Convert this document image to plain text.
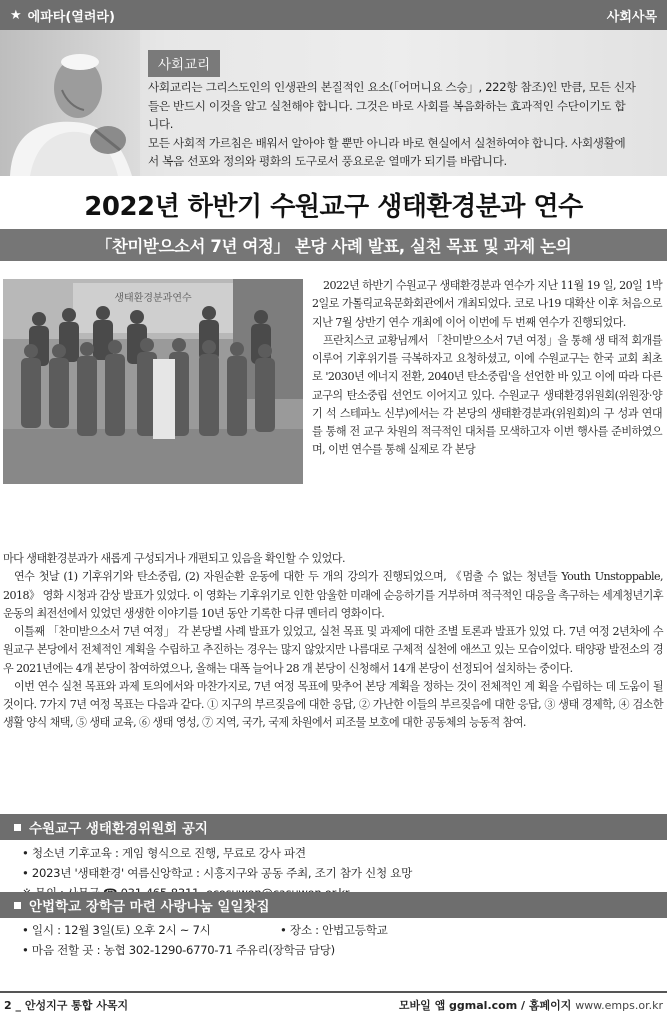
★ 에파타(열려라)	사회사목
사회교리
사회교리는 그리스도인의 인생관의 본질적인 요소(「어머니요 스승」, 222항 참조)인 만큼, 모든 신자
들은 반드시 이것을 알고 실천해야 합니다. 그것은 바로 사회를 복음화하는 효과적인 수단이기도 합
니다.
모든 사회적 가르침은 배워서 알아야 할 뿐만 아니라 바로 현실에서 실천하여야 합니다. 사회생활에
서 복음 선포와 정의와 평화의 도구로서 풍요로운 열매가 되기를 바랍니다.
2022년 하반기 수원교구 생태환경분과 연수
「찬미받으소서 7년 여정」 본당 사례 발표, 실천 목표 및 과제 논의
생태환경분과연수

2022년 하반기 수원교구 생태환경분과 연수가 지난 11월 19 일, 20일 1박 2일로 가톨릭교육문화회관에서 개최되었다. 코로 나19 대확산 이후 처음으로 지난 7월 상반기 연수 개최에 이어 이번에 두 번째 연수가 진행되었다.

프란치스코 교황님께서 「찬미받으소서 7년 여정」을 통해 생 태적 회개를 이루어 기후위기를 극복하자고 요청하셨고, 이에 수원교구는 한국 교회 최초로 '2030년 에너지 전환, 2040년 탄소중립'을 선언한 바 있고 이에 따라 다른 교구의 탄소중립 선언도 이어지고 있다. 수원교구 생태환경위원회(위원장·양기 석 스테파노 신부)에서는 각 본당의 생태환경분과(위원회)의 구 성과 연대를 통해 전 교구 차원의 적극적인 대처를 모색하고자 이번 행사를 준비하였으며, 이번 연수를 통해 실제로 각 본당

마다 생태환경분과가 새롭게 구성되거나 개편되고 있음을 확인할 수 있었다.

연수 첫날 (1) 기후위기와 탄소중립, (2) 자원순환 운동에 대한 두 개의 강의가 진행되었으며, 《멈출 수 없는 청년들 Youth Unstoppable, 2018》 영화 시청과 감상 발표가 있었다. 이 영화는 기후위기로 인한 암울한 미래에 순응하기를 거부하며 적극적인 대응을 촉구하는 세계청년기후운동의 최전선에서 있었던 생생한 이야기를 10년 동안 기록한 다큐 멘터리 영화이다.

이틀째 「찬미받으소서 7년 여정」 각 본당별 사례 발표가 있었고, 실천 목표 및 과제에 대한 조별 토론과 발표가 있었 다. 7년 여정 2년차에 수원교구 본당에서 전체적인 계획을 수립하고 추진하는 경우는 많지 않았지만 나름대로 구체적 실천에 애쓰고 있는 모습이었다. 태양광 발전소의 경우 2021년에는 4개 본당이 참여하였으나, 올해는 대폭 늘어나 28 개 본당이 신청해서 14개 본당이 선정되어 설치하는 중이다.

이번 연수 실천 목표와 과제 토의에서와 마찬가지로, 7년 여정 목표에 맞추어 본당 계획을 정하는 것이 전체적인 계 획을 수립하는 데 도움이 될 것이다. 7가지 7년 여정 목표는 다음과 같다. ① 지구의 부르짖음에 대한 응답, ② 가난한 이들의 부르짖음에 대한 응답, ③ 생태 경제학, ④ 검소한 생활 양식 채택, ⑤ 생태 교육, ⑥ 생태 영성, ⑦ 지역, 국가, 국제 차원에서 피조물 보호에 대한 공동체의 능동적 참여.

수원교구 생태환경위원회 공지
• 청소년 기후교육 : 게임 형식으로 진행, 무료로 강사 파견
• 2023년 '생태환경' 여름신앙학교 : 시흥지구와 공동 주최, 조기 참가 신청 요망
안법학교 장학금 마련 사랑나눔 일일찻집
• 일시 : 12월 3일(토) 오후 2시 ~ 7시	• 장소 : 안법고등학교
• 마음 전할 곳 : 농협 302-1290-6770-71 주유리(장학금 담당)
2 _ 안성지구 통합 사목지	모바일 앱 ggmal.com / 홈페이지 www.emps.or.kr
